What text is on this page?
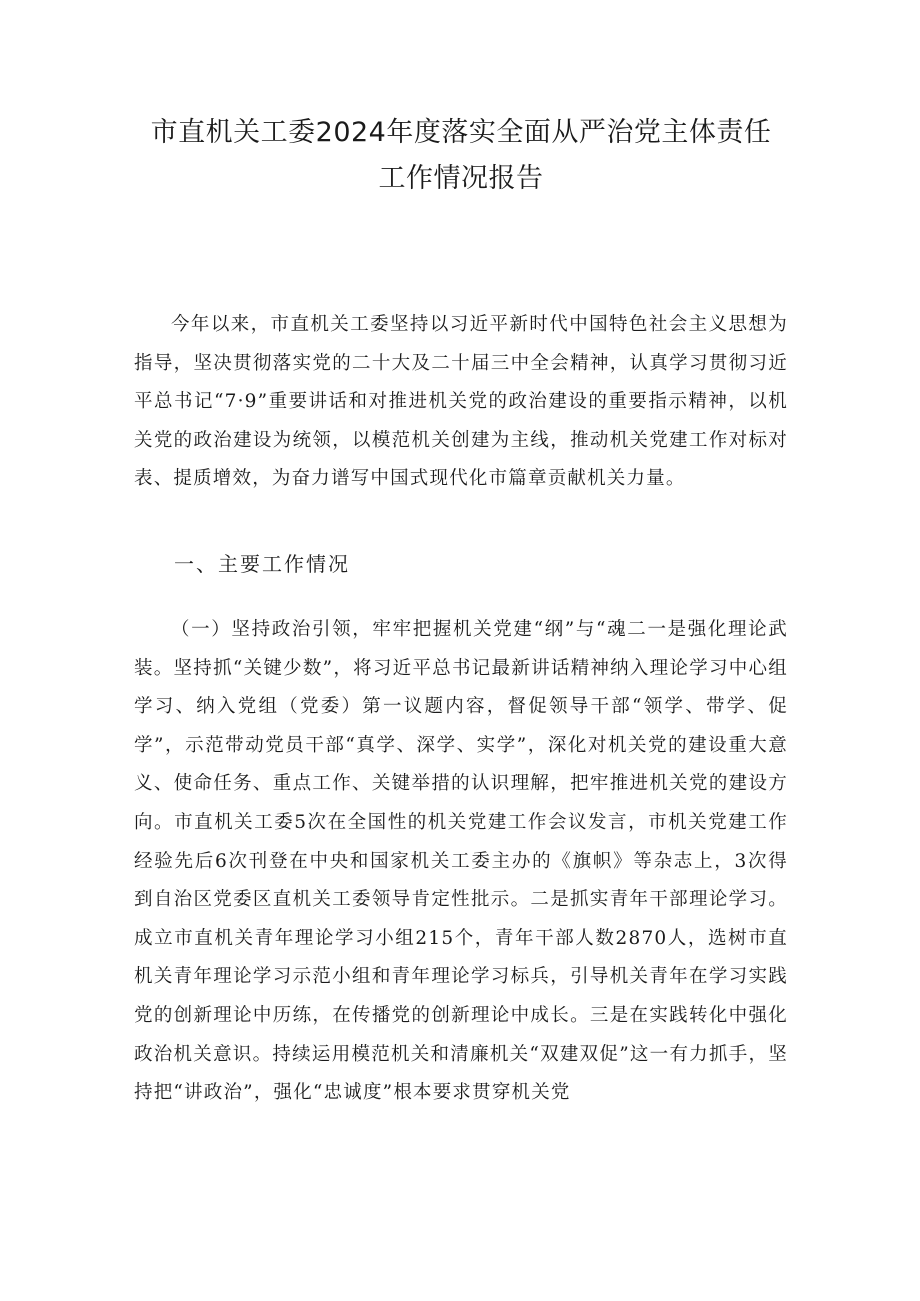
市直机关工委2024年度落实全面从严治党主体责任
工作情况报告

今年以来，市直机关工委坚持以习近平新时代中国特色社会主义思想为指导，坚决贯彻落实党的二十大及二十届三中全会精神，认真学习贯彻习近平总书记“7·9”重要讲话和对推进机关党的政治建设的重要指示精神，以机关党的政治建设为统领，以模范机关创建为主线，推动机关党建工作对标对表、提质增效，为奋力谱写中国式现代化市篇章贡献机关力量。

一、主要工作情况

（一）坚持政治引领，牢牢把握机关党建“纲”与“魂二一是强化理论武装。坚持抓“关键少数”，将习近平总书记最新讲话精神纳入理论学习中心组学习、纳入党组（党委）第一议题内容，督促领导干部“领学、带学、促学”，示范带动党员干部“真学、深学、实学”，深化对机关党的建设重大意义、使命任务、重点工作、关键举措的认识理解，把牢推进机关党的建设方向。市直机关工委5次在全国性的机关党建工作会议发言，市机关党建工作经验先后6次刊登在中央和国家机关工委主办的《旗帜》等杂志上，3次得到自治区党委区直机关工委领导肯定性批示。二是抓实青年干部理论学习。成立市直机关青年理论学习小组215个，青年干部人数2870人，选树市直机关青年理论学习示范小组和青年理论学习标兵，引导机关青年在学习实践党的创新理论中历练，在传播党的创新理论中成长。三是在实践转化中强化政治机关意识。持续运用模范机关和清廉机关“双建双促”这一有力抓手，坚持把“讲政治”，强化“忠诚度”根本要求贯穿机关党
